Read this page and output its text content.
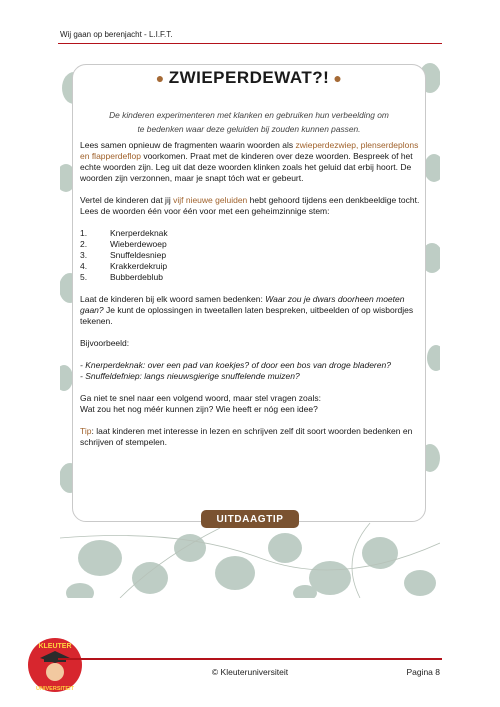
Wij gaan op berenjacht - L.I.F.T.
● ZWIEPERDEWAT?! ●
De kinderen experimenteren met klanken en gebruiken hun verbeelding om
te bedenken waar deze geluiden bij zouden kunnen passen.

Lees samen opnieuw de fragmenten waarin woorden als zwieperdezwiep, plenserdeplons en flapperdeflop voorkomen. Praat met de kinderen over deze woorden. Bespreek of het echte woorden zijn. Leg uit dat deze woorden klinken zoals het geluid dat erbij hoort. De woorden zijn verzonnen, maar je snapt tóch wat er gebeurt.

Vertel de kinderen dat jij vijf nieuwe geluiden hebt gehoord tijdens een denkbeeldige tocht. Lees de woorden één voor één voor met een geheimzinnige stem:

1.	Knerperdeknak
2.	Wieberdewoep
3.	Snuffeldesniep
4.	Krakkerdekruip
5.	Bubberdeblub

Laat de kinderen bij elk woord samen bedenken: Waar zou je dwars doorheen moeten gaan? Je kunt de oplossingen in tweetallen laten bespreken, uitbeelden of op wisbordjes tekenen.

Bijvoorbeeld:

- Knerperdeknak: over een pad van koekjes? of door een bos van droge bladeren?
- Snuffeldefniep: langs nieuwsgierige snuffelende muizen?

Ga niet te snel naar een volgend woord, maar stel vragen zoals:
Wat zou het nog méér kunnen zijn? Wie heeft er nóg een idee?

Tip: laat kinderen met interesse in lezen en schrijven zelf dit soort woorden bedenken en schrijven of stempelen.

UITDAAGTIP
KLEUTER
UNIVERSITEIT
© Kleuteruniversiteit	Pagina 8
